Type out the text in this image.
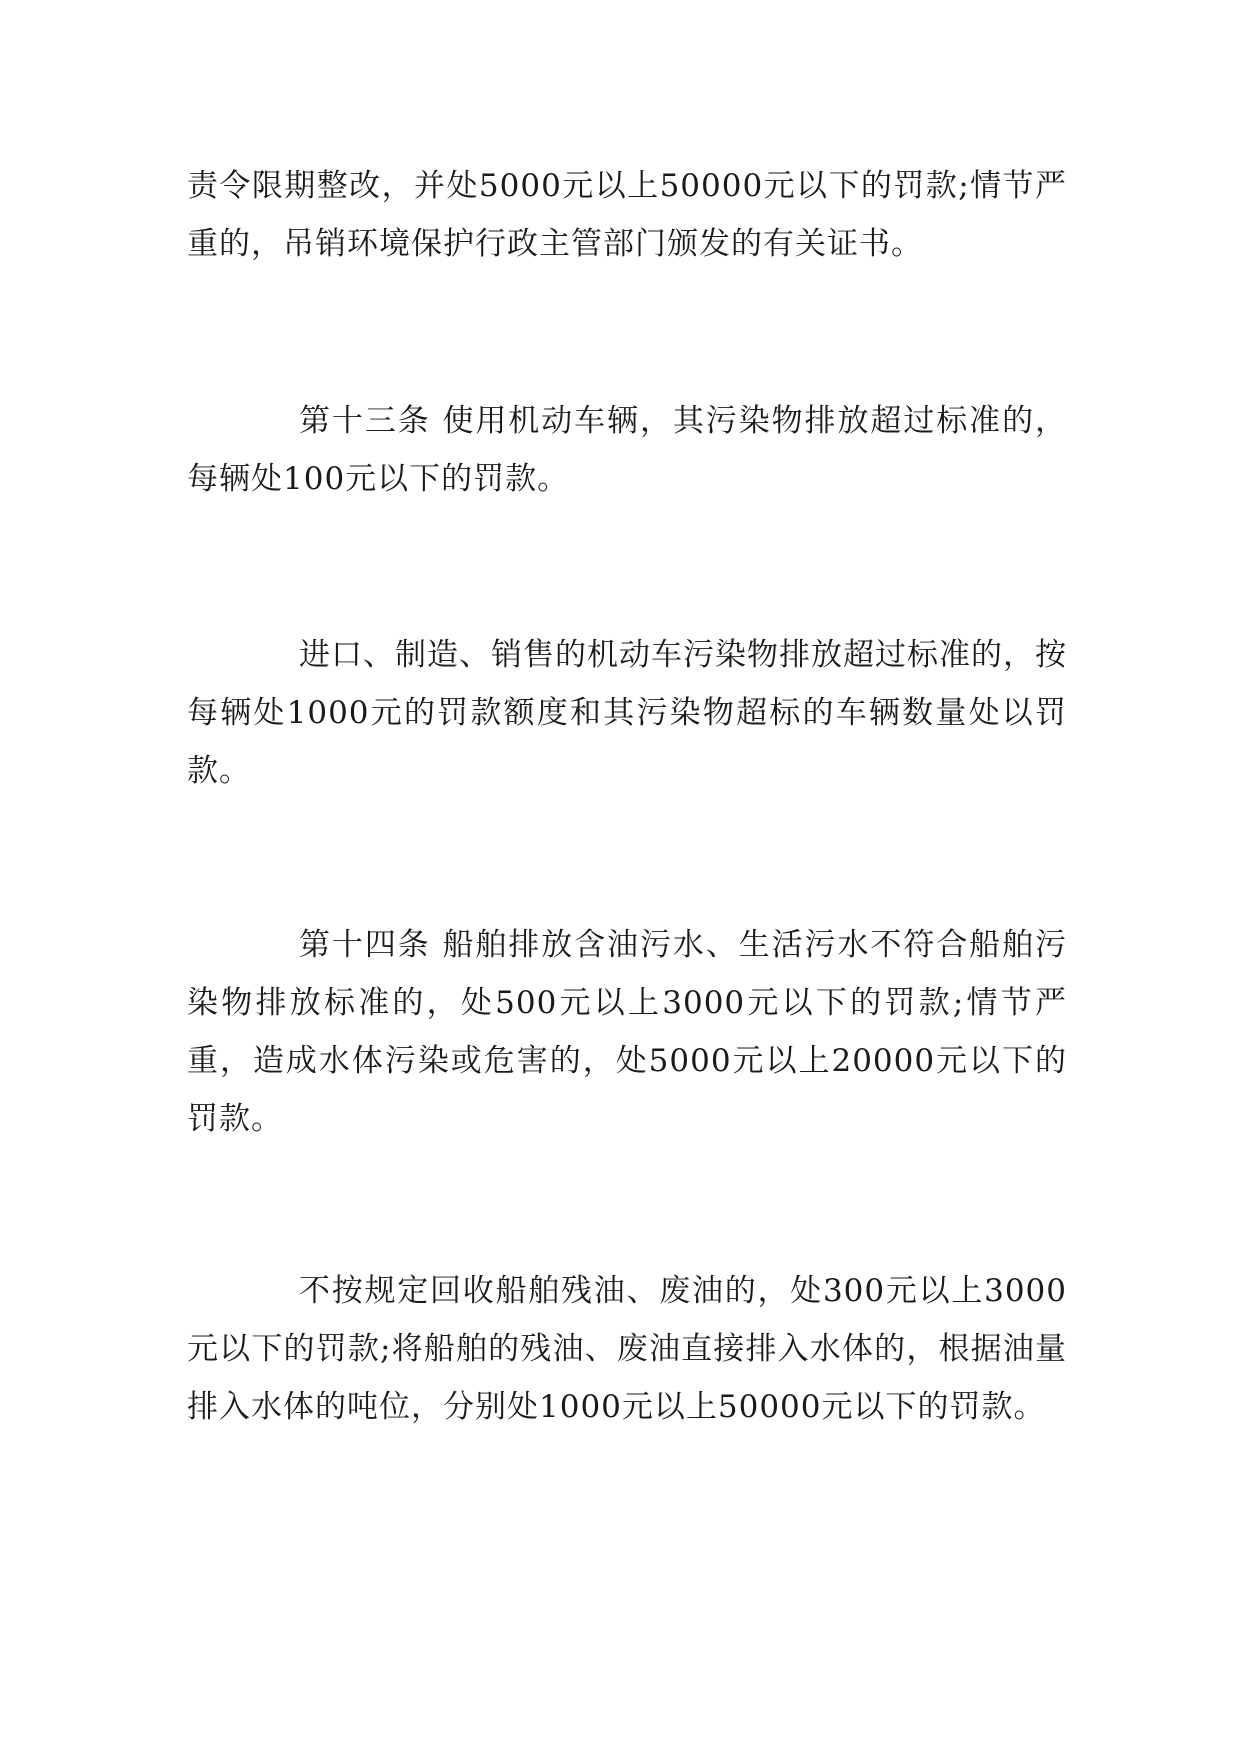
责令限期整改，并处5000元以上50000元以下的罚款;情节严重的，吊销环境保护行政主管部门颁发的有关证书。

第十三条 使用机动车辆，其污染物排放超过标准的，每辆处100元以下的罚款。

进口、制造、销售的机动车污染物排放超过标准的，按每辆处1000元的罚款额度和其污染物超标的车辆数量处以罚款。

第十四条 船舶排放含油污水、生活污水不符合船舶污染物排放标准的，处500元以上3000元以下的罚款;情节严重，造成水体污染或危害的，处5000元以上20000元以下的罚款。

不按规定回收船舶残油、废油的，处300元以上3000元以下的罚款;将船舶的残油、废油直接排入水体的，根据油量排入水体的吨位，分别处1000元以上50000元以下的罚款。
